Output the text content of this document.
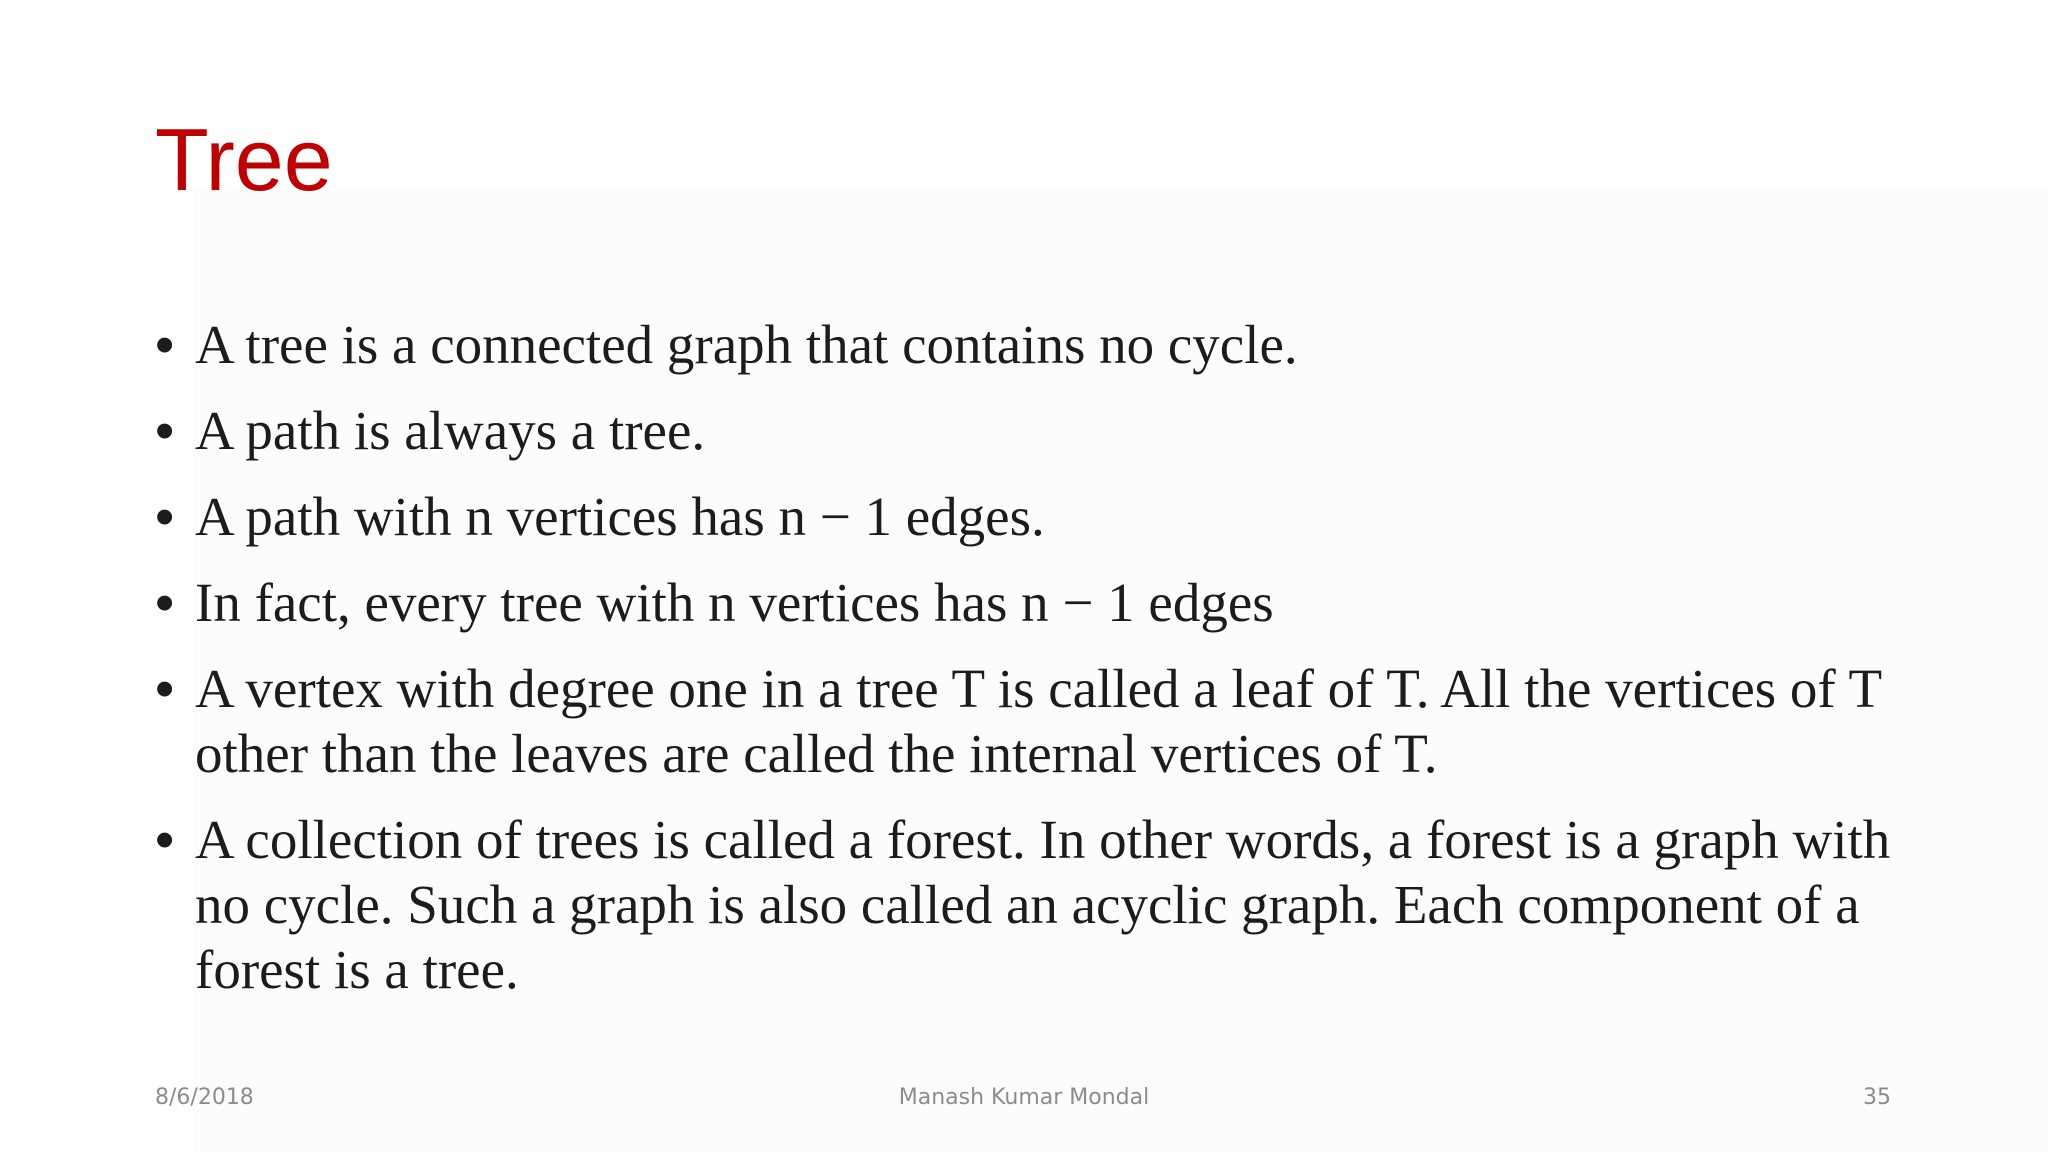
Tree
• A tree is a connected graph that contains no cycle.
• A path is always a tree.
• A path with n vertices has n − 1 edges.
• In fact, every tree with n vertices has n − 1 edges
• A vertex with degree one in a tree T is called a leaf of T. All the vertices of T other than the leaves are called the internal vertices of T.
• A collection of trees is called a forest. In other words, a forest is a graph with no cycle. Such a graph is also called an acyclic graph. Each component of a forest is a tree.
8/6/2018	Manash Kumar Mondal	35
